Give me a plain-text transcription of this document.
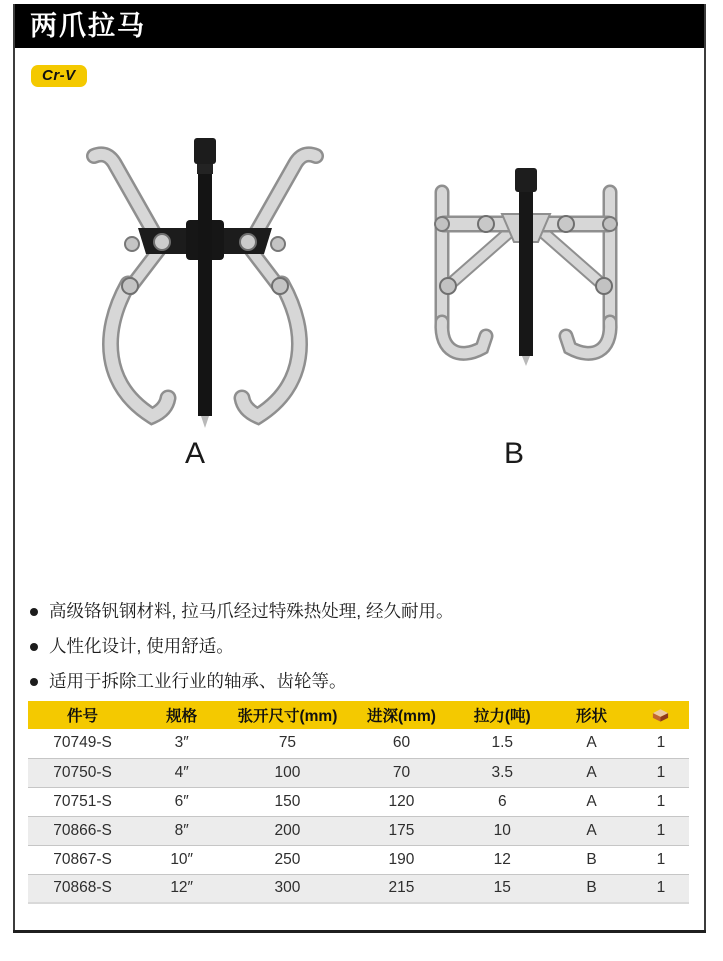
两爪拉马
Cr-V
A	B
高级铬钒钢材料, 拉马爪经过特殊热处理, 经久耐用。
人性化设计, 使用舒适。
适用于拆除工业行业的轴承、齿轮等。
件号	规格	张开尺寸(mm)	进深(mm)	拉力(吨)	形状	
70749-S	3″	75	60	1.5	A	1
70750-S	4″	100	70	3.5	A	1
70751-S	6″	150	120	6	A	1
70866-S	8″	200	175	10	A	1
70867-S	10″	250	190	12	B	1
70868-S	12″	300	215	15	B	1
